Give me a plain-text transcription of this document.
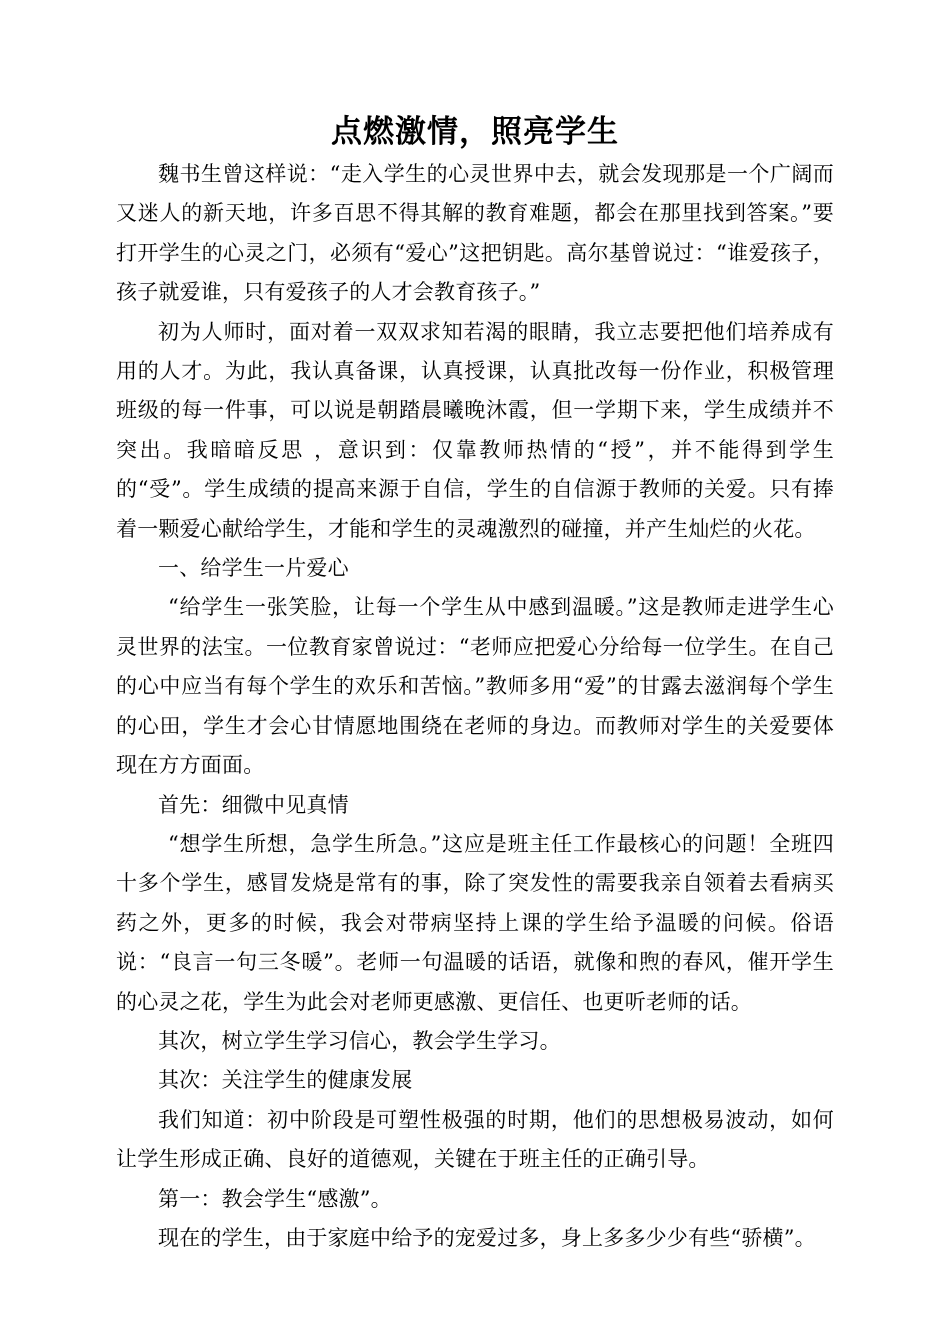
点燃激情，照亮学生

魏书生曾这样说：“走入学生的心灵世界中去，就会发现那是一个广阔而又迷人的新天地，许多百思不得其解的教育难题，都会在那里找到答案。”要打开学生的心灵之门，必须有“爱心”这把钥匙。高尔基曾说过：“谁爱孩子，孩子就爱谁，只有爱孩子的人才会教育孩子。”

初为人师时，面对着一双双求知若渴的眼睛，我立志要把他们培养成有用的人才。为此，我认真备课，认真授课，认真批改每一份作业，积极管理班级的每一件事，可以说是朝踏晨曦晚沐霞，但一学期下来，学生成绩并不突出。我暗暗反思 ，意识到：仅靠教师热情的“授”，并不能得到学生的“受”。学生成绩的提高来源于自信，学生的自信源于教师的关爱。只有捧着一颗爱心献给学生，才能和学生的灵魂激烈的碰撞，并产生灿烂的火花。

一、给学生一片爱心

“给学生一张笑脸，让每一个学生从中感到温暖。”这是教师走进学生心灵世界的法宝。一位教育家曾说过：“老师应把爱心分给每一位学生。在自己的心中应当有每个学生的欢乐和苦恼。”教师多用“爱”的甘露去滋润每个学生的心田，学生才会心甘情愿地围绕在老师的身边。而教师对学生的关爱要体现在方方面面。

首先：细微中见真情

“想学生所想，急学生所急。”这应是班主任工作最核心的问题！全班四十多个学生，感冒发烧是常有的事，除了突发性的需要我亲自领着去看病买药之外，更多的时候，我会对带病坚持上课的学生给予温暖的问候。俗语说：“良言一句三冬暖”。老师一句温暖的话语，就像和煦的春风，催开学生的心灵之花，学生为此会对老师更感激、更信任、也更听老师的话。

其次，树立学生学习信心，教会学生学习。

其次：关注学生的健康发展

我们知道：初中阶段是可塑性极强的时期，他们的思想极易波动，如何让学生形成正确、良好的道德观，关键在于班主任的正确引导。

第一：教会学生“感激”。

现在的学生，由于家庭中给予的宠爱过多，身上多多少少有些“骄横”。
